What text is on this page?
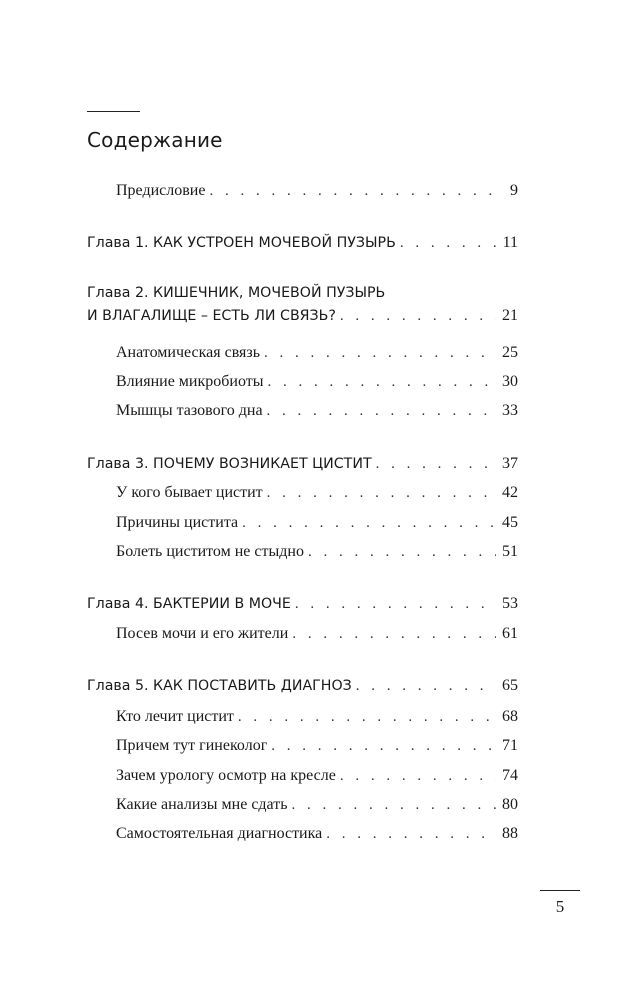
Содержание
Предисловие . . .	9
Глава 1. КАК УСТРОЕН МОЧЕВОЙ ПУЗЫРЬ . . .	11
Глава 2. КИШЕЧНИК, МОЧЕВОЙ ПУЗЫРЬ
И ВЛАГАЛИЩЕ – ЕСТЬ ЛИ СВЯЗЬ? . . .	21
Анатомическая связь . . .	25
Влияние микробиоты . . .	30
Мышцы тазового дна . . .	33
Глава 3. ПОЧЕМУ ВОЗНИКАЕТ ЦИСТИТ . . .	37
У кого бывает цистит . . .	42
Причины цистита . . .	45
Болеть циститом не стыдно . . .	51
Глава 4. БАКТЕРИИ В МОЧЕ . . .	53
Посев мочи и его жители . . .	61
Глава 5. КАК ПОСТАВИТЬ ДИАГНОЗ . . .	65
Кто лечит цистит . . .	68
Причем тут гинеколог . . .	71
Зачем урологу осмотр на кресле . . .	74
Какие анализы мне сдать . . .	80
Самостоятельная диагностика . . .	88
5
